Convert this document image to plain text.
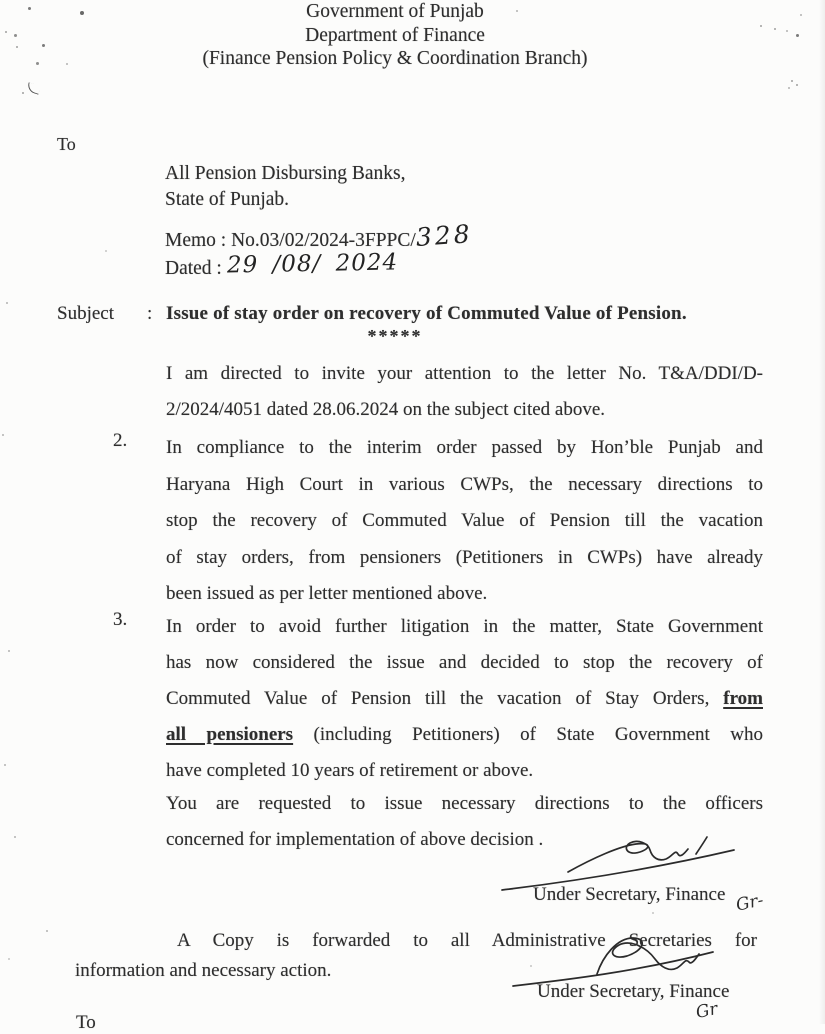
Government of Punjab
Department of Finance
(Finance Pension Policy & Coordination Branch)
To
All Pension Disbursing Banks,
State of Punjab.
Memo : No.03/02/2024-3FPPC/328
Dated : 29 /08/ 2024
Subject : Issue of stay order on recovery of Commuted Value of Pension.
*****
I am directed to invite your attention to the letter No. T&A/DDI/D-
2/2024/4051 dated 28.06.2024 on the subject cited above.
2. In compliance to the interim order passed by Hon’ble Punjab and
Haryana High Court in various CWPs, the necessary directions to
stop the recovery of Commuted Value of Pension till the vacation
of stay orders, from pensioners (Petitioners in CWPs) have already
been issued as per letter mentioned above.
3. In order to avoid further litigation in the matter, State Government
has now considered the issue and decided to stop the recovery of
Commuted Value of Pension till the vacation of Stay Orders, from
all pensioners (including Petitioners) of State Government who
have completed 10 years of retirement or above.
You are requested to issue necessary directions to the officers
concerned for implementation of above decision .
Under Secretary, Finance Gr-
A Copy is forwarded to all Administrative Secretaries for
information and necessary action.
Under Secretary, Finance
Gr
To
